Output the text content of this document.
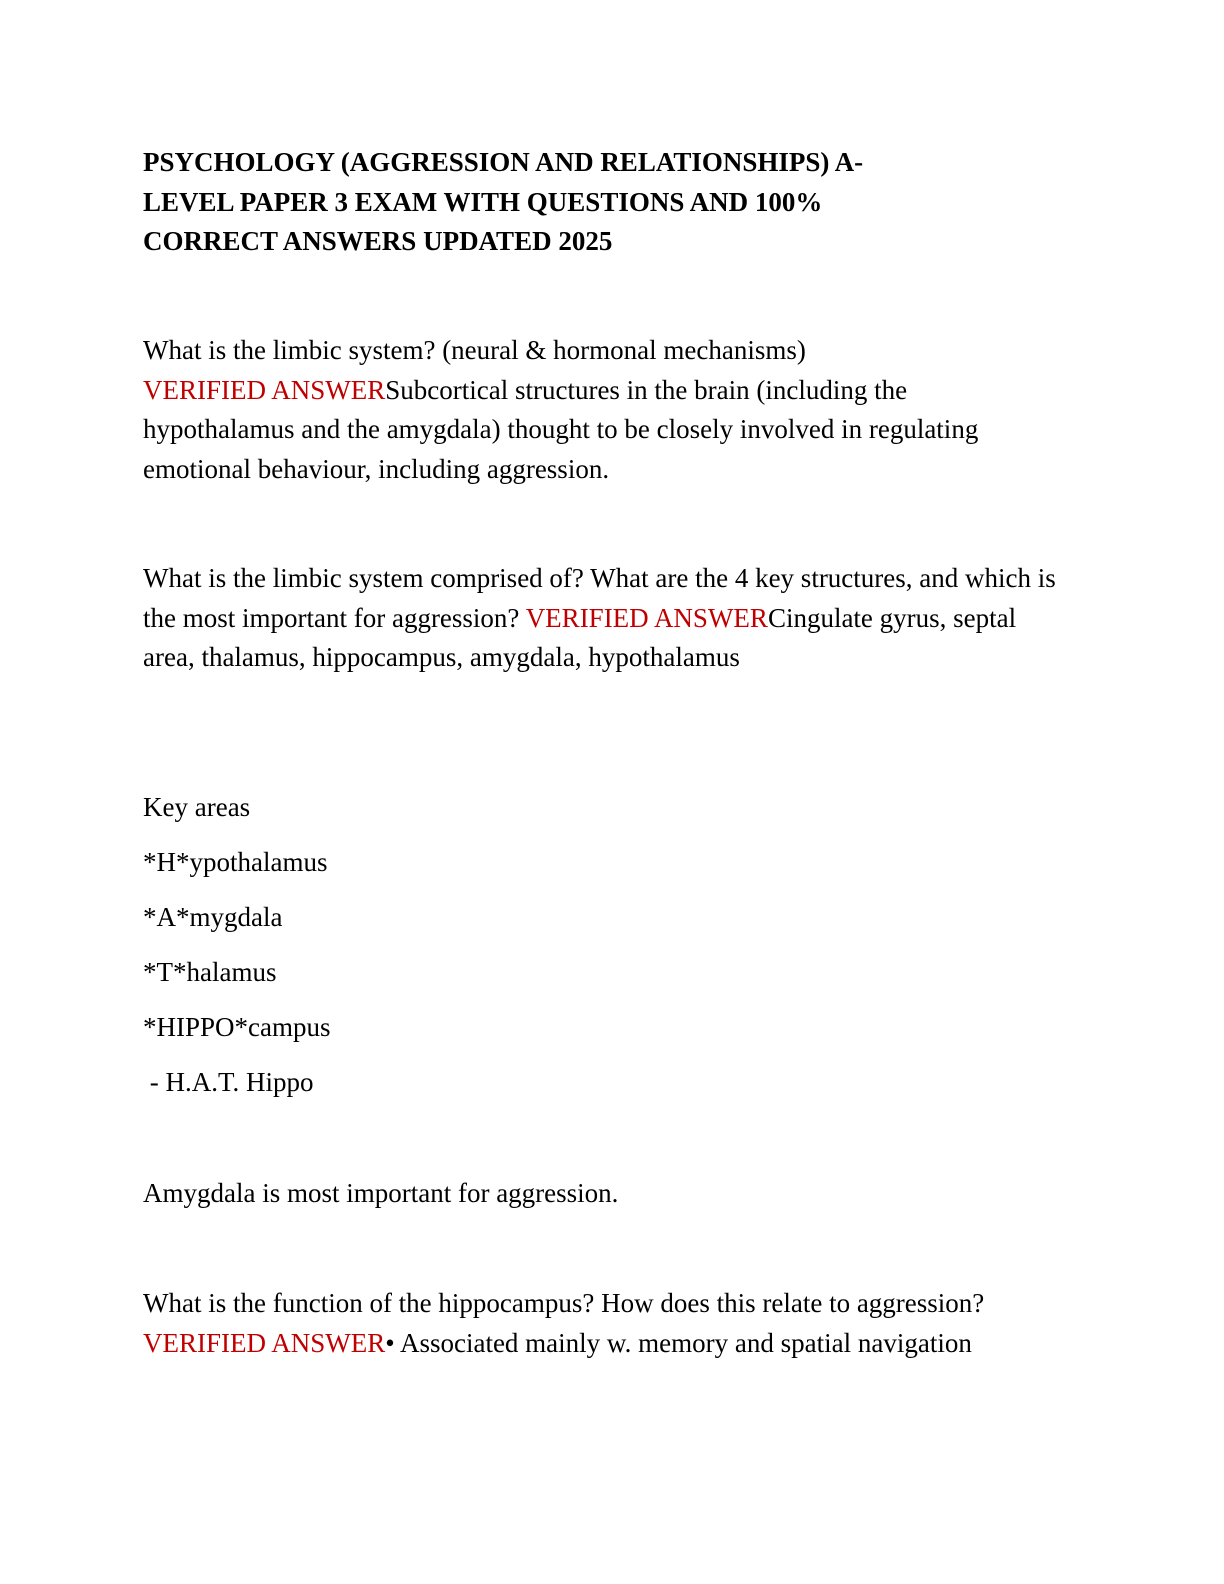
PSYCHOLOGY (AGGRESSION AND RELATIONSHIPS) A-
LEVEL PAPER 3 EXAM WITH QUESTIONS AND 100%
CORRECT ANSWERS UPDATED 2025

What is the limbic system? (neural & hormonal mechanisms)
VERIFIED ANSWERSubcortical structures in the brain (including the hypothalamus and the amygdala) thought to be closely involved in regulating emotional behaviour, including aggression.

What is the limbic system comprised of? What are the 4 key structures, and which is the most important for aggression? VERIFIED ANSWERCingulate gyrus, septal area, thalamus, hippocampus, amygdala, hypothalamus

Key areas

*H*ypothalamus

*A*mygdala

*T*halamus

*HIPPO*campus

- H.A.T. Hippo

Amygdala is most important for aggression.

What is the function of the hippocampus? How does this relate to aggression? VERIFIED ANSWER• Associated mainly w. memory and spatial navigation
